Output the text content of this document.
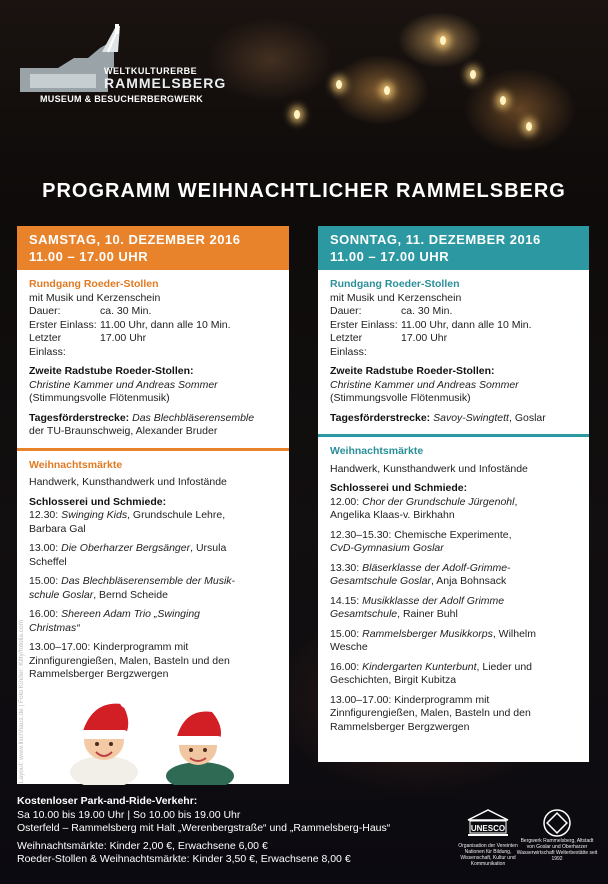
WELTKULTURERBE
RAMMELSBERG
MUSEUM & BESUCHERBERGWERK
PROGRAMM WEIHNACHTLICHER RAMMELSBERG
SAMSTAG, 10. DEZEMBER 2016
11.00 – 17.00 UHR
Rundgang Roeder-Stollen
mit Musik und Kerzenschein
Dauer:	ca. 30 Min.
Erster Einlass: 11.00 Uhr, dann alle 10 Min.
Letzter Einlass:
17.00 Uhr
Zweite Radstube Roeder-Stollen:
Christine Kammer und Andreas Sommer
(Stimmungsvolle Flötenmusik)
Tagesförderstrecke: Das Blechbläserensemble
der TU-Braunschweig, Alexander Bruder
Weihnachtsmärkte
Handwerk, Kunsthandwerk und Infostände
Schlosserei und Schmiede:
12.30: Swinging Kids, Grundschule Lehre,
Barbara Gal
13.00: Die Oberharzer Bergsänger, Ursula
Scheffel
15.00: Das Blechbläserensemble der Musik-
schule Goslar, Bernd Scheide
16.00: Shereen Adam Trio „Swinging
Christmas“
13.00–17.00: Kinderprogramm mit
Zinnfigurengießen, Malen, Basteln und den
Rammelsberger Bergzwergen
SONNTAG, 11. DEZEMBER 2016
11.00 – 17.00 UHR
Rundgang Roeder-Stollen
mit Musik und Kerzenschein
Dauer:	ca. 30 Min.
Erster Einlass: 11.00 Uhr, dann alle 10 Min.
Letzter Einlass:
17.00 Uhr
Zweite Radstube Roeder-Stollen:
Christine Kammer und Andreas Sommer
(Stimmungsvolle Flötenmusik)
Tagesförderstrecke: Savoy-Swingtett, Goslar
Weihnachtsmärkte
Handwerk, Kunsthandwerk und Infostände
Schlosserei und Schmiede:
12.00: Chor der Grundschule Jürgenohl,
Angelika Klaas-v. Birkhahn
12.30–15.30: Chemische Experimente,
CvD-Gymnasium Goslar
13.30: Bläserklasse der Adolf-Grimme-
Gesamtschule Goslar, Anja Bohnsack
14.15: Musikklasse der Adolf Grimme
Gesamtschule, Rainer Buhl
15.00: Rammelsberger Musikkorps, Wilhelm
Wesche
16.00: Kindergarten Kunterbunt, Lieder und
Geschichten, Birgit Kubitza
13.00–17.00: Kinderprogramm mit
Zinnfigurengießen, Malen, Basteln und den
Rammelsberger Bergzwergen
Layout: www.lischhaus.de | Foto Kinder: Kitty/fotolia.com
Kostenloser Park-and-Ride-Verkehr:
Sa 10.00 bis 19.00 Uhr | So 10.00 bis 19.00 Uhr
Osterfeld – Rammelsberg mit Halt „Werenbergstraße“ und „Rammelsberg-Haus“
Weihnachtsmärkte: Kinder 2,00 €, Erwachsene 6,00 €
Roeder-Stollen & Weihnachtsmärkte: Kinder 3,50 €, Erwachsene 8,00 €
UNESCO
Organisation der Vereinten Nationen für Bildung, Wissenschaft, Kultur und Kommunikation
Bergwerk Rammelsberg, Altstadt von Goslar und Oberharzer Wasserwirtschaft Welterbestätte seit 1992
